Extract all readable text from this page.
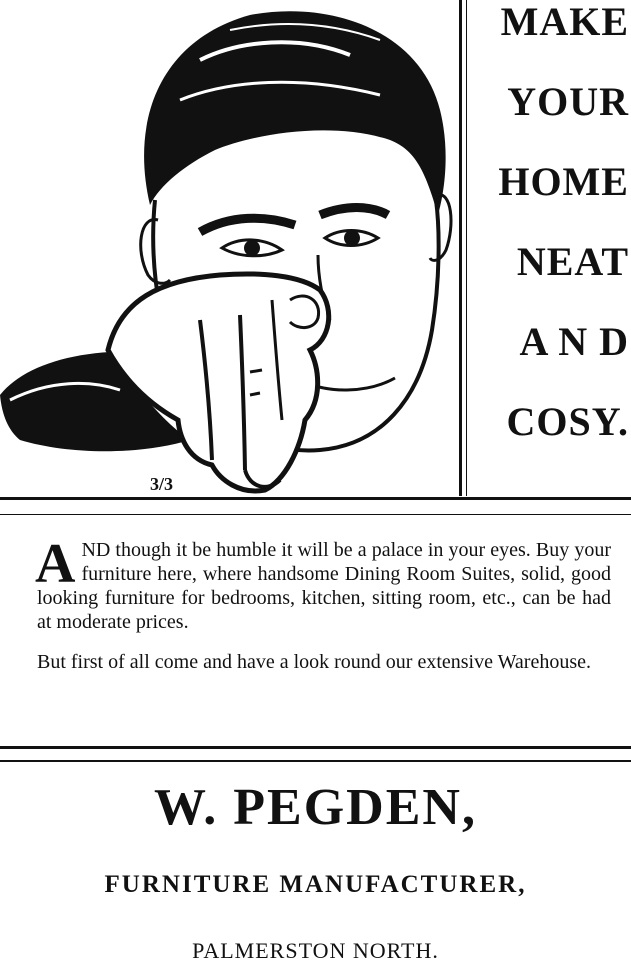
3/3

MAKE

YOUR

HOME

NEAT

A N D

COSY.

AND though it be humble it will be a palace in your eyes. Buy your furniture here, where handsome Dining Room Suites, solid, good looking furniture for bedrooms, kitchen, sitting room, etc., can be had at moderate prices.

But first of all come and have a look round our extensive Warehouse.

W. PEGDEN,
FURNITURE MANUFACTURER,

PALMERSTON NORTH.
